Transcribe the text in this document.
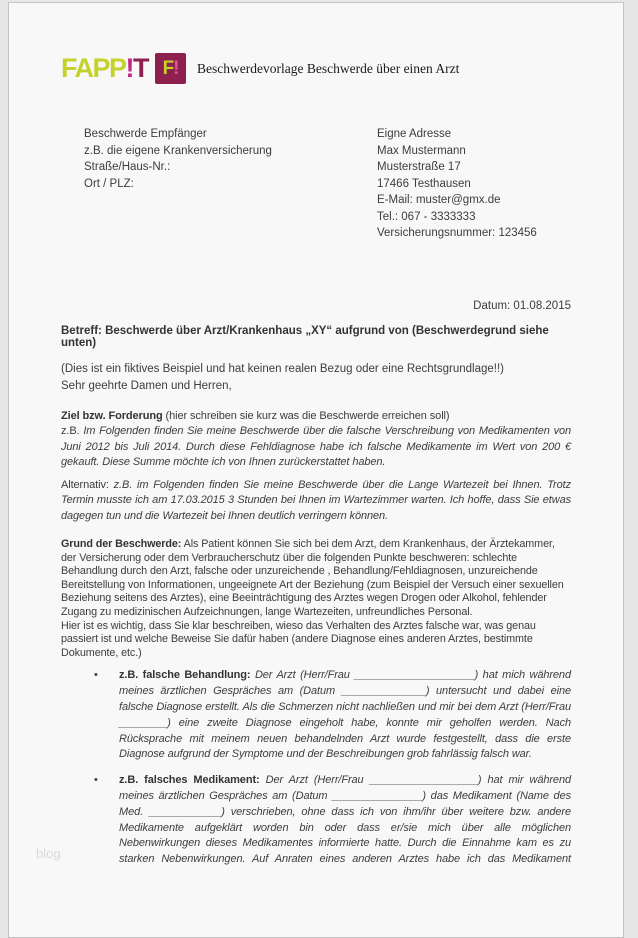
FAPP!T F ! Beschwerdevorlage Beschwerde über einen Arzt
Beschwerde Empfänger
z.B. die eigene Krankenversicherung
Straße/Haus-Nr.:
Ort / PLZ:
Eigne Adresse
Max Mustermann
Musterstraße 17
17466 Testhausen
E-Mail: muster@gmx.de
Tel.: 067 - 3333333
Versicherungsnummer: 123456
Datum: 01.08.2015
Betreff: Beschwerde über Arzt/Krankenhaus „XY“ aufgrund von (Beschwerdegrund siehe unten)
(Dies ist ein fiktives Beispiel und hat keinen realen Bezug oder eine Rechtsgrundlage!!)
Sehr geehrte Damen und Herren,
Ziel bzw. Forderung (hier schreiben sie kurz was die Beschwerde erreichen soll)
z.B. Im Folgenden finden Sie meine Beschwerde über die falsche Verschreibung von Medikamenten von Juni 2012 bis Juli 2014. Durch diese Fehldiagnose habe ich falsche Medikamente im Wert von 200 € gekauft. Diese Summe möchte ich von Ihnen zurückerstattet haben.
Alternativ: z.B. im Folgenden finden Sie meine Beschwerde über die Lange Wartezeit bei Ihnen. Trotz Termin musste ich am 17.03.2015 3 Stunden bei Ihnen im Wartezimmer warten. Ich hoffe, dass Sie etwas dagegen tun und die Wartezeit bei Ihnen deutlich verringern können.
Grund der Beschwerde: Als Patient können Sie sich bei dem Arzt, dem Krankenhaus, der Ärztekammer, der Versicherung oder dem Verbraucherschutz über die folgenden Punkte beschweren: schlechte Behandlung durch den Arzt, falsche oder unzureichende , Behandlung/Fehldiagnosen, unzureichende Bereitstellung von Informationen, ungeeignete Art der Beziehung (zum Beispiel der Versuch einer sexuellen Beziehung seitens des Arztes), eine Beeinträchtigung des Arztes wegen Drogen oder Alkohol, fehlender Zugang zu medizinischen Aufzeichnungen, lange Wartezeiten, unfreundliches Personal.
Hier ist es wichtig, dass Sie klar beschreiben, wieso das Verhalten des Arztes falsche war, was genau passiert ist und welche Beweise Sie dafür haben (andere Diagnose eines anderen Arztes, bestimmte Dokumente, etc.)
•	z.B. falsche Behandlung: Der Arzt (Herr/Frau ____________________) hat mich während meines ärztlichen Gespräches am (Datum ______________) untersucht und dabei eine falsche Diagnose erstellt. Als die Schmerzen nicht nachließen und mir bei dem Arzt (Herr/Frau ________) eine zweite Diagnose eingeholt habe, konnte mir geholfen werden. Nach Rücksprache mit meinem neuen behandelnden Arzt wurde festgestellt, dass die erste Diagnose aufgrund der Symptome und der Beschreibungen grob fahrlässig falsch war.
•	z.B. falsches Medikament: Der Arzt (Herr/Frau __________________) hat mir während meines ärztlichen Gespräches am (Datum _______________) das Medikament (Name des Med. ____________) verschrieben, ohne dass ich von ihm/ihr über weitere bzw. andere Medikamente aufgeklärt worden bin oder dass er/sie mich über alle möglichen Nebenwirkungen dieses Medikamentes informierte hatte. Durch die Einnahme kam es zu starken Nebenwirkungen. Auf Anraten eines anderen Arztes habe ich das Medikament
blog
